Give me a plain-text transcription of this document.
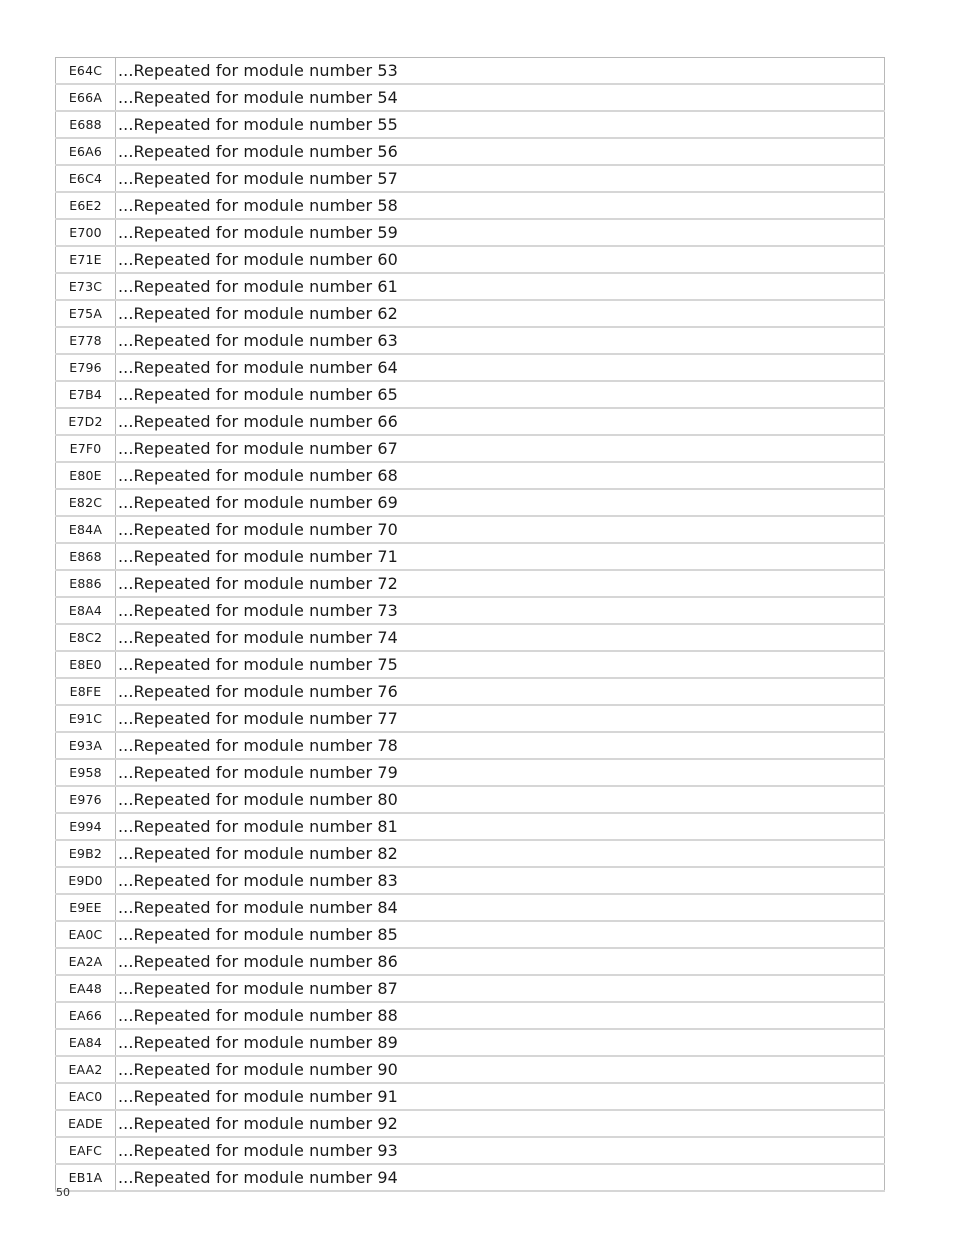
E64C	...Repeated for module number 53
E66A	...Repeated for module number 54
E688	...Repeated for module number 55
E6A6	...Repeated for module number 56
E6C4	...Repeated for module number 57
E6E2	...Repeated for module number 58
E700	...Repeated for module number 59
E71E	...Repeated for module number 60
E73C	...Repeated for module number 61
E75A	...Repeated for module number 62
E778	...Repeated for module number 63
E796	...Repeated for module number 64
E7B4	...Repeated for module number 65
E7D2	...Repeated for module number 66
E7F0	...Repeated for module number 67
E80E	...Repeated for module number 68
E82C	...Repeated for module number 69
E84A	...Repeated for module number 70
E868	...Repeated for module number 71
E886	...Repeated for module number 72
E8A4	...Repeated for module number 73
E8C2	...Repeated for module number 74
E8E0	...Repeated for module number 75
E8FE	...Repeated for module number 76
E91C	...Repeated for module number 77
E93A	...Repeated for module number 78
E958	...Repeated for module number 79
E976	...Repeated for module number 80
E994	...Repeated for module number 81
E9B2	...Repeated for module number 82
E9D0	...Repeated for module number 83
E9EE	...Repeated for module number 84
EA0C	...Repeated for module number 85
EA2A	...Repeated for module number 86
EA48	...Repeated for module number 87
EA66	...Repeated for module number 88
EA84	...Repeated for module number 89
EAA2	...Repeated for module number 90
EAC0	...Repeated for module number 91
EADE	...Repeated for module number 92
EAFC	...Repeated for module number 93
EB1A	...Repeated for module number 94
50
